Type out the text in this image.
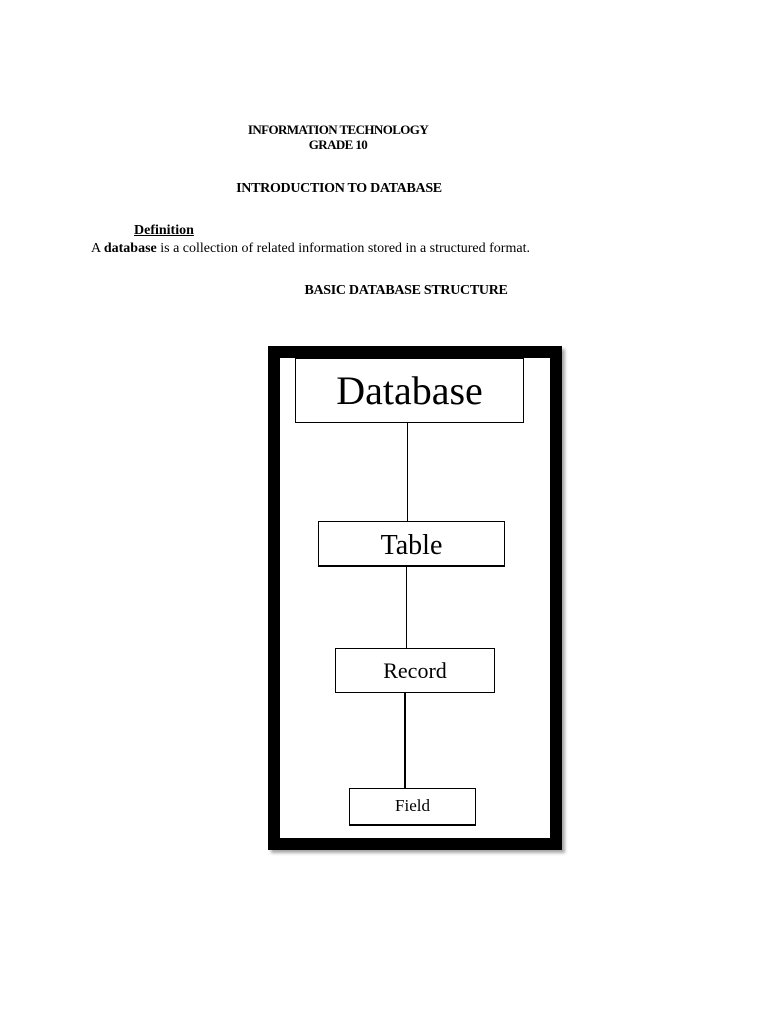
INFORMATION TECHNOLOGY
GRADE 10
INTRODUCTION TO DATABASE
Definition
A database is a collection of related information stored in a structured format.
BASIC DATABASE STRUCTURE
Database
Table
Record
Field
